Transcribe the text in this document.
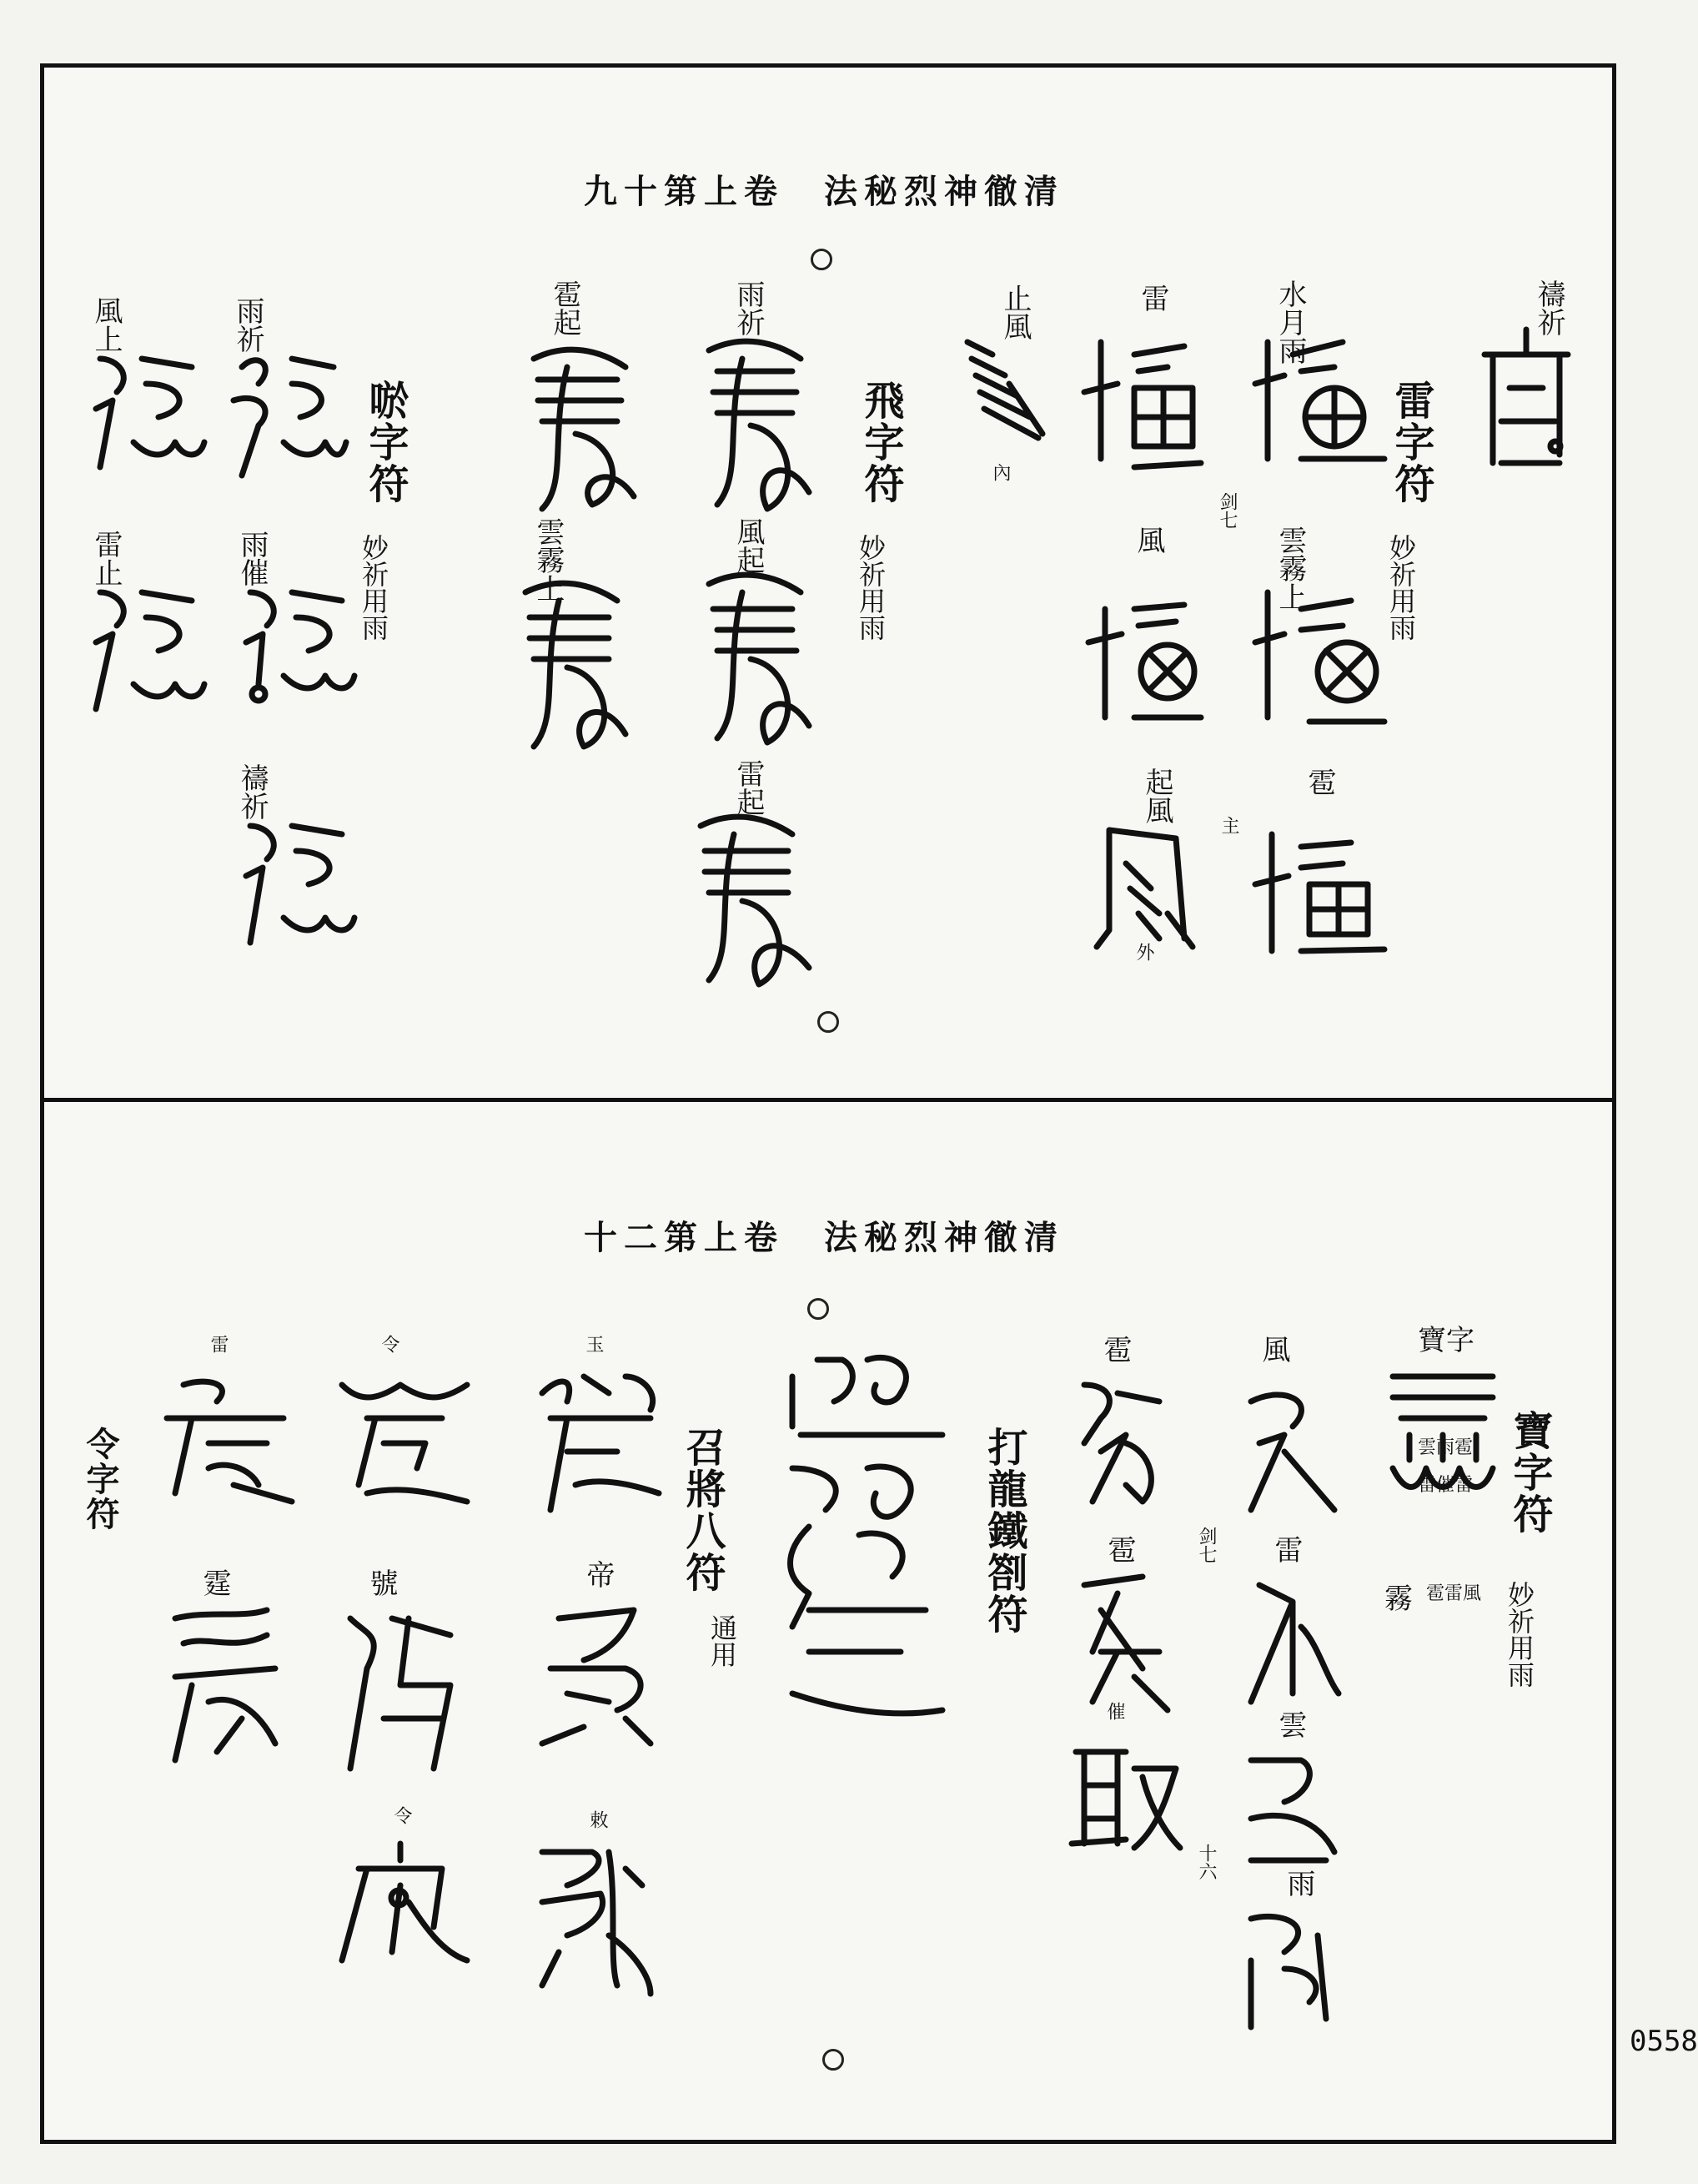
九十第上卷　法秘烈神徹清
雷字符
妙祈用雨
禱祈
水月雨
雷
止風
雲霧上
風
雹
起風
內
外
剑七
主
飛字符
妙祈用雨
雨祈
雹起
風起
雲霧上
雷起
唹字符
妙祈用雨
雨祈
風上
雨催
雷止
禱祈
十二第上卷　法秘烈神徹清
寶字符
妙祈用雨
寶字
雲雨雹
雷催雷
霧 雹雷風
風
雷
雲
雨
打龍鐵劄符
雹
雹
催
剑七
十六
召將八符
通用
玉
帝
敕
令字符
令
號
令
雷
霆
0558
